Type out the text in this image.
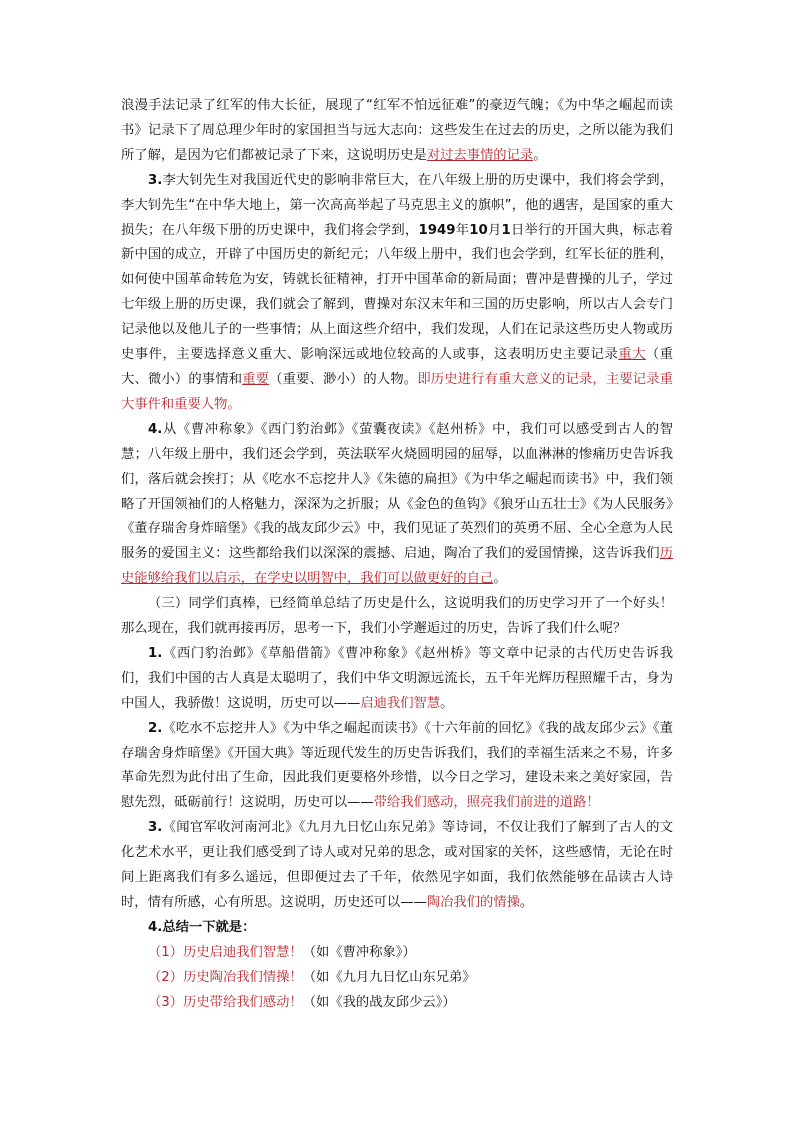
浪漫手法记录了红军的伟大长征，展现了“红军不怕远征难”的豪迈气魄；《为中华之崛起而读书》记录下了周总理少年时的家国担当与远大志向：这些发生在过去的历史，之所以能为我们所了解，是因为它们都被记录了下来，这说明历史是对过去事情的记录。

3.李大钊先生对我国近代史的影响非常巨大，在八年级上册的历史课中，我们将会学到，李大钊先生“在中华大地上，第一次高高举起了马克思主义的旗帜”，他的遇害，是国家的重大损失；在八年级下册的历史课中，我们将会学到，1949年10月1日举行的开国大典，标志着新中国的成立，开辟了中国历史的新纪元；八年级上册中，我们也会学到，红军长征的胜利，如何使中国革命转危为安，铸就长征精神，打开中国革命的新局面；曹冲是曹操的儿子，学过七年级上册的历史课，我们就会了解到，曹操对东汉末年和三国的历史影响，所以古人会专门记录他以及他儿子的一些事情；从上面这些介绍中，我们发现，人们在记录这些历史人物或历史事件，主要选择意义重大、影响深远或地位较高的人或事，这表明历史主要记录重大（重大、微小）的事情和重要（重要、渺小）的人物。即历史进行有重大意义的记录，主要记录重大事件和重要人物。

4.从《曹冲称象》《西门豹治邺》《萤囊夜读》《赵州桥》中，我们可以感受到古人的智慧；八年级上册中，我们还会学到，英法联军火烧圆明园的屈辱，以血淋淋的惨痛历史告诉我们，落后就会挨打；从《吃水不忘挖井人》《朱德的扁担》《为中华之崛起而读书》中，我们领略了开国领袖们的人格魅力，深深为之折服；从《金色的鱼钩》《狼牙山五壮士》《为人民服务》《董存瑞舍身炸暗堡》《我的战友邱少云》中，我们见证了英烈们的英勇不屈、全心全意为人民服务的爱国主义：这些都给我们以深深的震撼、启迪，陶冶了我们的爱国情操，这告诉我们历史能够给我们以启示，在学史以明智中，我们可以做更好的自己。

（三）同学们真棒，已经简单总结了历史是什么，这说明我们的历史学习开了一个好头！那么现在，我们就再接再厉，思考一下，我们小学邂逅过的历史，告诉了我们什么呢？

1.《西门豹治邺》《草船借箭》《曹冲称象》《赵州桥》等文章中记录的古代历史告诉我们，我们中国的古人真是太聪明了，我们中华文明源远流长，五千年光辉历程照耀千古，身为中国人，我骄傲！这说明，历史可以——启迪我们智慧。

2.《吃水不忘挖井人》《为中华之崛起而读书》《十六年前的回忆》《我的战友邱少云》《董存瑞舍身炸暗堡》《开国大典》等近现代发生的历史告诉我们，我们的幸福生活来之不易，许多革命先烈为此付出了生命，因此我们更要格外珍惜，以今日之学习，建设未来之美好家园，告慰先烈，砥砺前行！这说明，历史可以——带给我们感动，照亮我们前进的道路！

3.《闻官军收河南河北》《九月九日忆山东兄弟》等诗词，不仅让我们了解到了古人的文化艺术水平，更让我们感受到了诗人或对兄弟的思念，或对国家的关怀，这些感情，无论在时间上距离我们有多么遥远，但即便过去了千年，依然见字如面，我们依然能够在品读古人诗时，情有所感，心有所思。这说明，历史还可以——陶冶我们的情操。

4.总结一下就是：

（1）历史启迪我们智慧！（如《曹冲称象》）

（2）历史陶冶我们情操！（如《九月九日忆山东兄弟》

（3）历史带给我们感动！（如《我的战友邱少云》）
